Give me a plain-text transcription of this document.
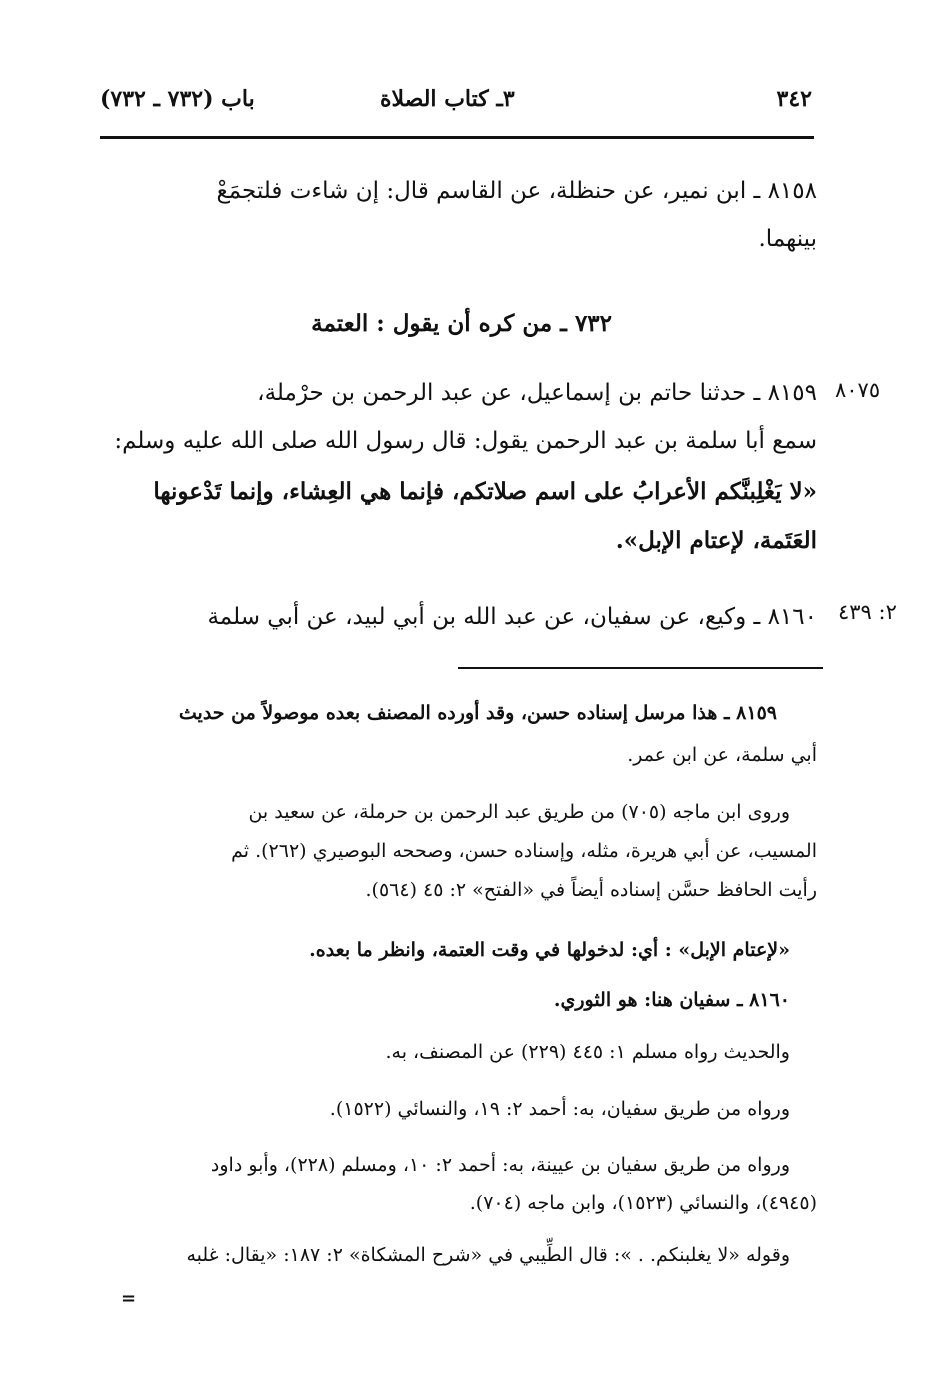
باب (٧٣٢ ـ ٧٣٢)	٣ـ كتاب الصلاة	٣٤٢
٨١٥٨ ـ ابن نمير، عن حنظلة، عن القاسم قال: إن شاءت فلتجمَعْ
بينهما.
٧٣٢ ـ من كره أن يقول : العتمة
٨٠٧٥
٨١٥٩ ـ حدثنا حاتم بن إسماعيل، عن عبد الرحمن بن حرْملة،
سمع أبا سلمة بن عبد الرحمن يقول: قال رسول الله صلى الله عليه وسلم:
«لا يَغْلِبنَّكم الأعرابُ على اسم صلاتكم، فإنما هي العِشاء، وإنما تَدْعونها
العَتَمة، لإعتام الإبل».
٢: ٤٣٩
٨١٦٠ ـ وكيع، عن سفيان، عن عبد الله بن أبي لبيد، عن أبي سلمة
٨١٥٩ ـ هذا مرسل إسناده حسن، وقد أورده المصنف بعده موصولاً من حديث
أبي سلمة، عن ابن عمر.
وروى ابن ماجه (٧٠٥) من طريق عبد الرحمن بن حرملة، عن سعيد بن
المسيب، عن أبي هريرة، مثله، وإسناده حسن، وصححه البوصيري (٢٦٢). ثم
رأيت الحافظ حسَّن إسناده أيضاً في «الفتح» ٢: ٤٥ (٥٦٤).
«لإعتام الإبل» : أي: لدخولها في وقت العتمة، وانظر ما بعده.
٨١٦٠ ـ سفيان هنا: هو الثوري.
والحديث رواه مسلم ١: ٤٤٥ (٢٢٩) عن المصنف، به.
ورواه من طريق سفيان، به: أحمد ٢: ١٩، والنسائي (١٥٢٢).
ورواه من طريق سفيان بن عيينة، به: أحمد ٢: ١٠، ومسلم (٢٢٨)، وأبو داود
(٤٩٤٥)، والنسائي (١٥٢٣)، وابن ماجه (٧٠٤).
وقوله «لا يغلبنكم. . »: قال الطِّيبي في «شرح المشكاة» ٢: ١٨٧: «يقال: غلبه
=
